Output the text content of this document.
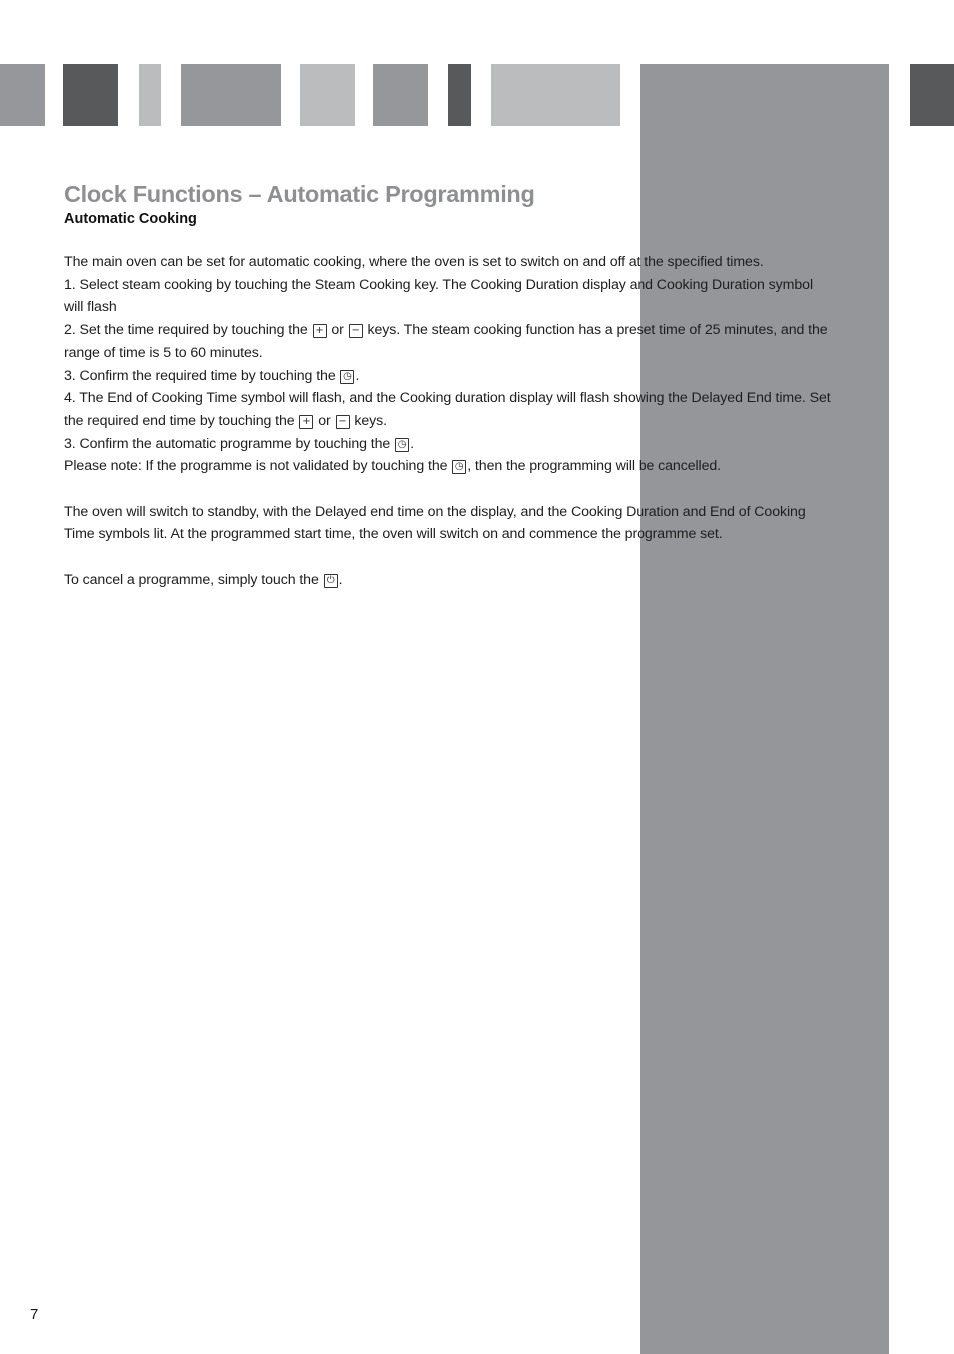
Clock Functions – Automatic Programming
Automatic Cooking

The main oven can be set for automatic cooking, where the oven is set to switch on and off at the specified times.

1. Select steam cooking by touching the Steam Cooking key. The Cooking Duration display and Cooking Duration symbol will flash

2. Set the time required by touching the + or − keys. The steam cooking function has a preset time of 25 minutes, and the range of time is 5 to 60 minutes.

3. Confirm the required time by touching the ◷ .

4. The End of Cooking Time symbol will flash, and the Cooking duration display will flash showing the Delayed End time. Set the required end time by touching the + or − keys.

3. Confirm the automatic programme by touching the ◷ .

Please note: If the programme is not validated by touching the ◷ , then the programming will be cancelled.

The oven will switch to standby, with the Delayed end time on the display, and the Cooking Duration and End of Cooking Time symbols lit. At the programmed start time, the oven will switch on and commence the programme set.

To cancel a programme, simply touch the ⏻ .

7
